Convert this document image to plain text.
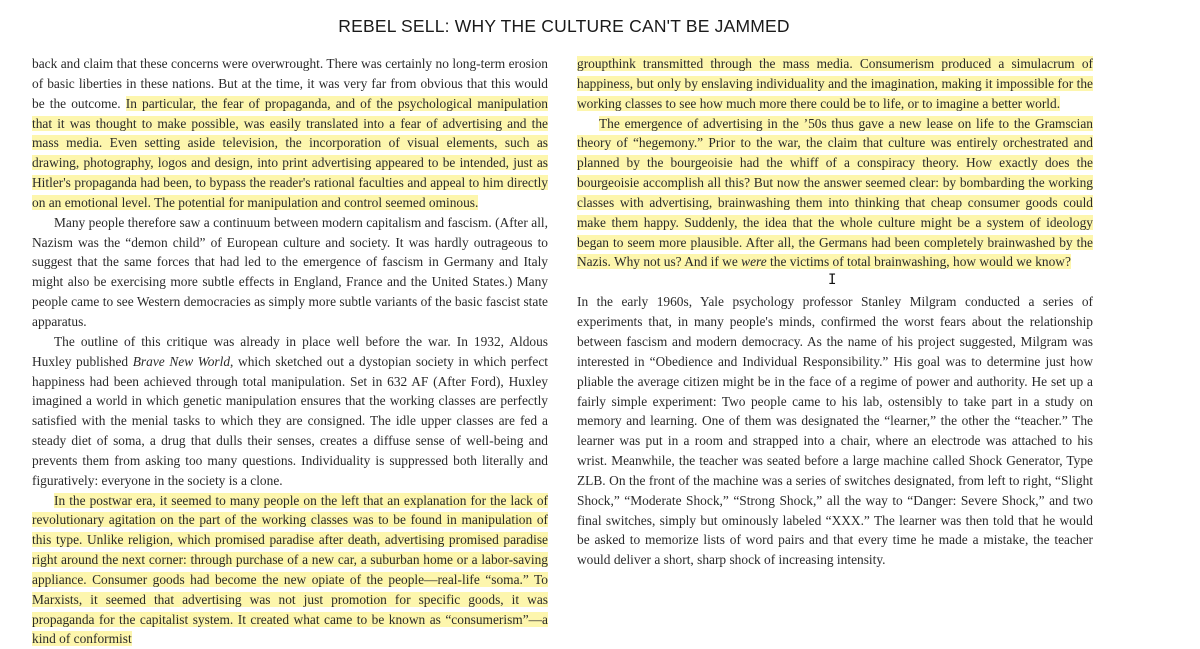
REBEL SELL: WHY THE CULTURE CAN'T BE JAMMED

back and claim that these concerns were overwrought. There was certainly no long-term erosion of basic liberties in these nations. But at the time, it was very far from obvious that this would be the outcome. In particular, the fear of propaganda, and of the psychological manipulation that it was thought to make possible, was easily translated into a fear of advertising and the mass media. Even setting aside television, the incorporation of visual elements, such as drawing, photography, logos and design, into print advertising appeared to be intended, just as Hitler's propaganda had been, to bypass the reader's rational faculties and appeal to him directly on an emotional level. The potential for manipulation and control seemed ominous.

Many people therefore saw a continuum between modern capitalism and fascism. (After all, Nazism was the “demon child” of European culture and society. It was hardly outrageous to suggest that the same forces that had led to the emergence of fascism in Germany and Italy might also be exercising more subtle effects in England, France and the United States.) Many people came to see Western democracies as simply more subtle variants of the basic fascist state apparatus.

The outline of this critique was already in place well before the war. In 1932, Aldous Huxley published Brave New World, which sketched out a dystopian society in which perfect happiness had been achieved through total manipulation. Set in 632 AF (After Ford), Huxley imagined a world in which genetic manipulation ensures that the working classes are perfectly satisfied with the menial tasks to which they are consigned. The idle upper classes are fed a steady diet of soma, a drug that dulls their senses, creates a diffuse sense of well-being and prevents them from asking too many questions. Individuality is suppressed both literally and figuratively: everyone in the society is a clone.

In the postwar era, it seemed to many people on the left that an explanation for the lack of revolutionary agitation on the part of the working classes was to be found in manipulation of this type. Unlike religion, which promised paradise after death, advertising promised paradise right around the next corner: through purchase of a new car, a suburban home or a labor-saving appliance. Consumer goods had become the new opiate of the people—real-life “soma.” To Marxists, it seemed that advertising was not just promotion for specific goods, it was propaganda for the capitalist system. It created what came to be known as “consumerism”—a kind of conformist

groupthink transmitted through the mass media. Consumerism produced a simulacrum of happiness, but only by enslaving individuality and the imagination, making it impossible for the working classes to see how much more there could be to life, or to imagine a better world.

The emergence of advertising in the ’50s thus gave a new lease on life to the Gramscian theory of “hegemony.” Prior to the war, the claim that culture was entirely orchestrated and planned by the bourgeoisie had the whiff of a conspiracy theory. How exactly does the bourgeoisie accomplish all this? But now the answer seemed clear: by bombarding the working classes with advertising, brainwashing them into thinking that cheap consumer goods could make them happy. Suddenly, the idea that the whole culture might be a system of ideology began to seem more plausible. After all, the Germans had been completely brainwashed by the Nazis. Why not us? And if we were the victims of total brainwashing, how would we know?

In the early 1960s, Yale psychology professor Stanley Milgram conducted a series of experiments that, in many people's minds, confirmed the worst fears about the relationship between fascism and modern democracy. As the name of his project suggested, Milgram was interested in “Obedience and Individual Responsibility.” His goal was to determine just how pliable the average citizen might be in the face of a regime of power and authority. He set up a fairly simple experiment: Two people came to his lab, ostensibly to take part in a study on memory and learning. One of them was designated the “learner,” the other the “teacher.” The learner was put in a room and strapped into a chair, where an electrode was attached to his wrist. Meanwhile, the teacher was seated before a large machine called Shock Generator, Type ZLB. On the front of the machine was a series of switches designated, from left to right, “Slight Shock,” “Moderate Shock,” “Strong Shock,” all the way to “Danger: Severe Shock,” and two final switches, simply but ominously labeled “XXX.” The learner was then told that he would be asked to memorize lists of word pairs and that every time he made a mistake, the teacher would deliver a short, sharp shock of increasing intensity.

I
